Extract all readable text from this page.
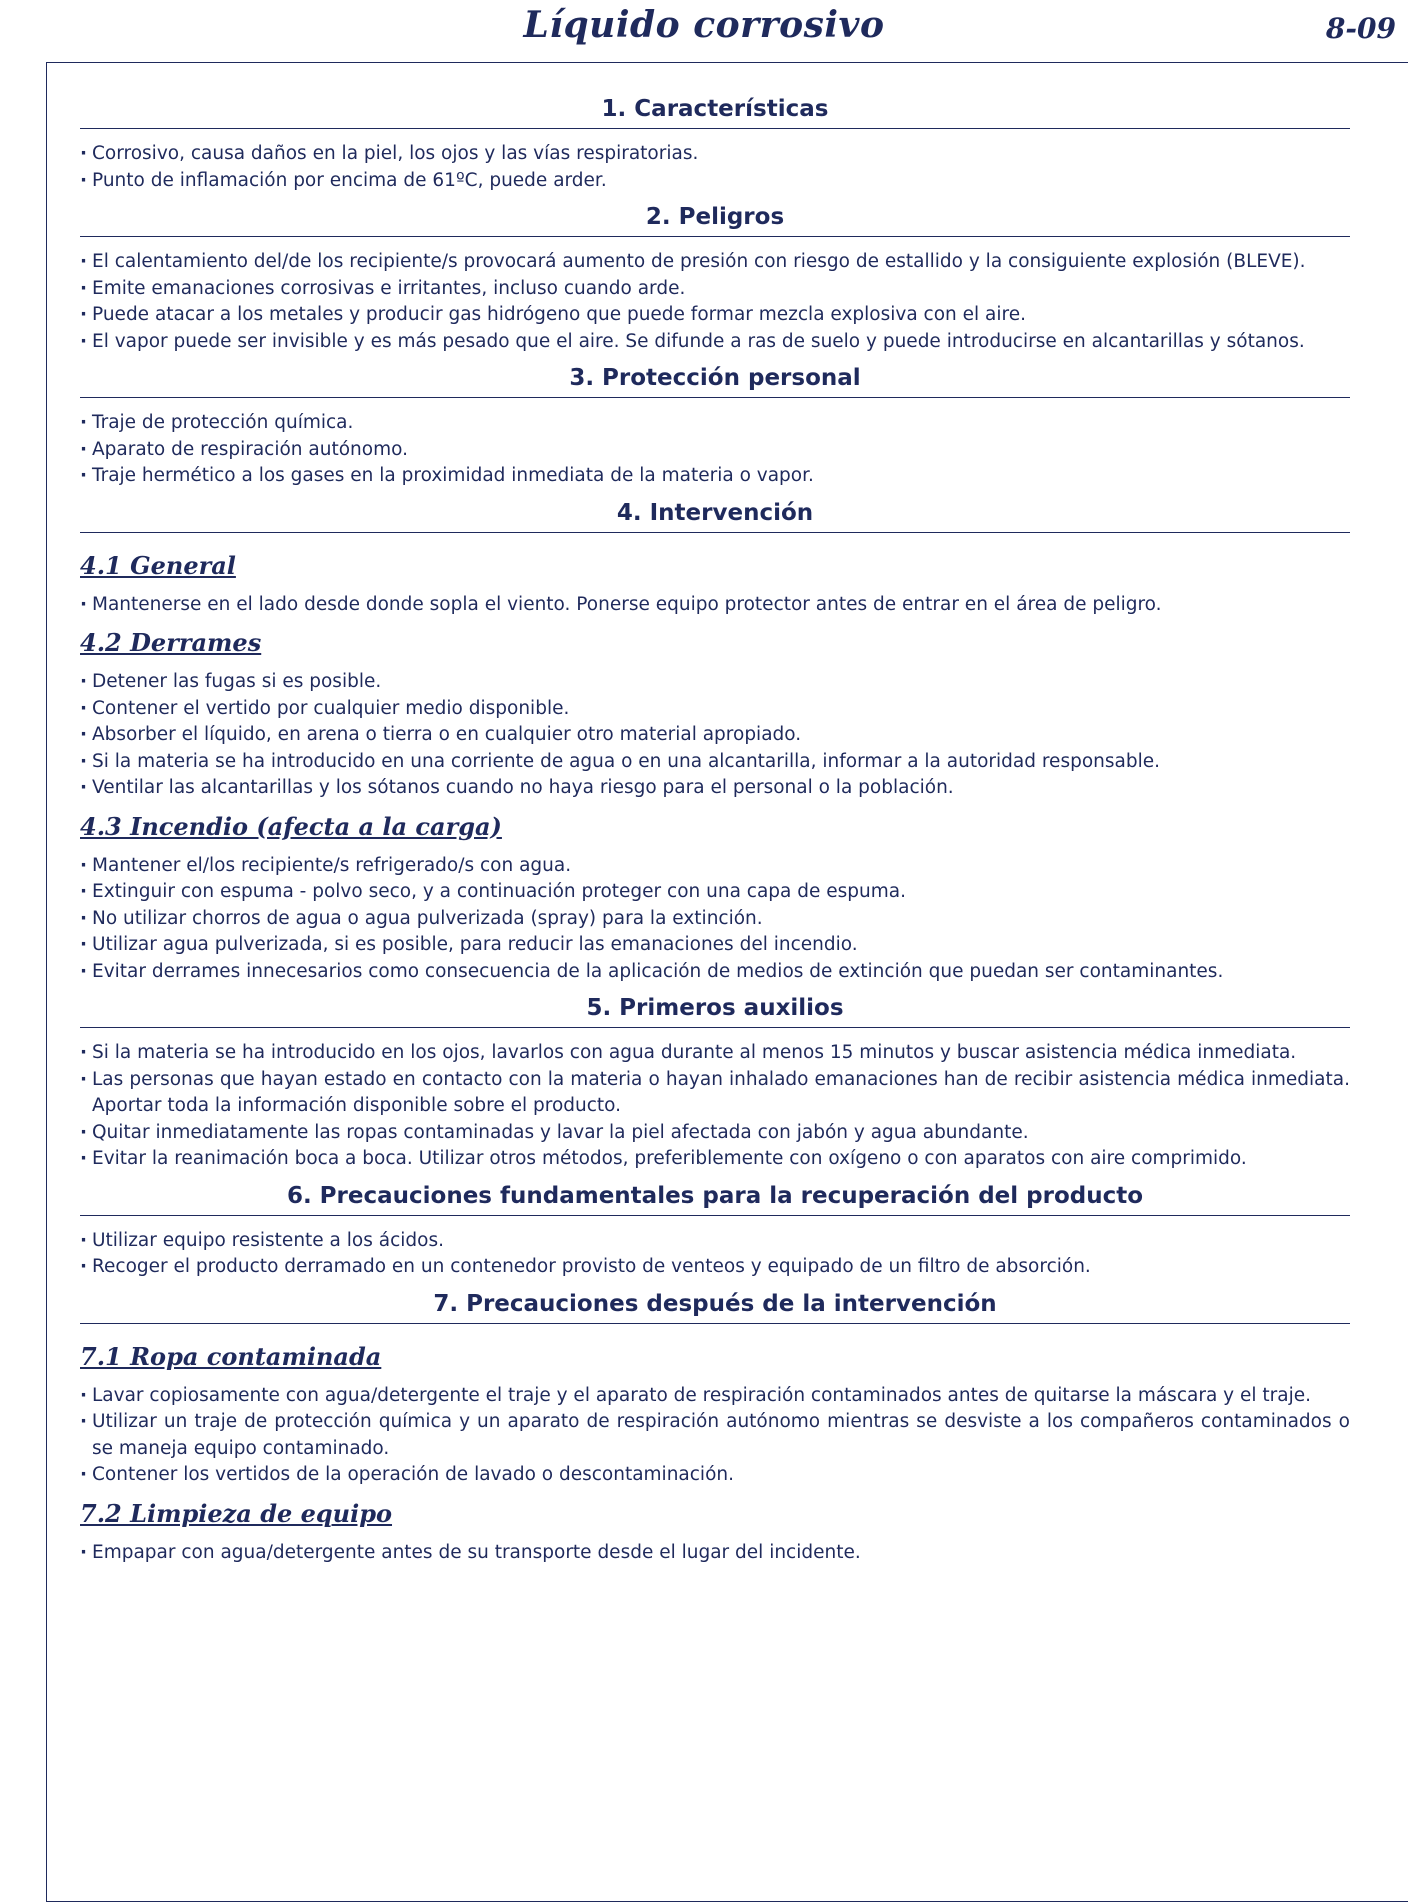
Líquido corrosivo	8-09
1. Características
· Corrosivo, causa daños en la piel, los ojos y las vías respiratorias.
· Punto de inflamación por encima de 61ºC, puede arder.
2. Peligros
· El calentamiento del/de los recipiente/s provocará aumento de presión con riesgo de estallido y la consiguiente explosión (BLEVE).
· Emite emanaciones corrosivas e irritantes, incluso cuando arde.
· Puede atacar a los metales y producir gas hidrógeno que puede formar mezcla explosiva con el aire.
· El vapor puede ser invisible y es más pesado que el aire. Se difunde a ras de suelo y puede introducirse en alcantarillas y sótanos.
3. Protección personal
· Traje de protección química.
· Aparato de respiración autónomo.
· Traje hermético a los gases en la proximidad inmediata de la materia o vapor.
4. Intervención
4.1 General
· Mantenerse en el lado desde donde sopla el viento. Ponerse equipo protector antes de entrar en el área de peligro.
4.2 Derrames
· Detener las fugas si es posible.
· Contener el vertido por cualquier medio disponible.
· Absorber el líquido, en arena o tierra o en cualquier otro material apropiado.
· Si la materia se ha introducido en una corriente de agua o en una alcantarilla, informar a la autoridad responsable.
· Ventilar las alcantarillas y los sótanos cuando no haya riesgo para el personal o la población.
4.3 Incendio (afecta a la carga)
· Mantener el/los recipiente/s refrigerado/s con agua.
· Extinguir con espuma - polvo seco, y a continuación proteger con una capa de espuma.
· No utilizar chorros de agua o agua pulverizada (spray) para la extinción.
· Utilizar agua pulverizada, si es posible, para reducir las emanaciones del incendio.
· Evitar derrames innecesarios como consecuencia de la aplicación de medios de extinción que puedan ser contaminantes.
5. Primeros auxilios
· Si la materia se ha introducido en los ojos, lavarlos con agua durante al menos 15 minutos y buscar asistencia médica inmediata.
· Las personas que hayan estado en contacto con la materia o hayan inhalado emanaciones han de recibir asistencia médica inmediata. Aportar toda la información disponible sobre el producto.
· Quitar inmediatamente las ropas contaminadas y lavar la piel afectada con jabón y agua abundante.
· Evitar la reanimación boca a boca. Utilizar otros métodos, preferiblemente con oxígeno o con aparatos con aire comprimido.
6. Precauciones fundamentales para la recuperación del producto
· Utilizar equipo resistente a los ácidos.
· Recoger el producto derramado en un contenedor provisto de venteos y equipado de un filtro de absorción.
7. Precauciones después de la intervención
7.1 Ropa contaminada
· Lavar copiosamente con agua/detergente el traje y el aparato de respiración contaminados antes de quitarse la máscara y el traje.
· Utilizar un traje de protección química y un aparato de respiración autónomo mientras se desviste a los compañeros contaminados o se maneja equipo contaminado.
· Contener los vertidos de la operación de lavado o descontaminación.
7.2 Limpieza de equipo
· Empapar con agua/detergente antes de su transporte desde el lugar del incidente.
